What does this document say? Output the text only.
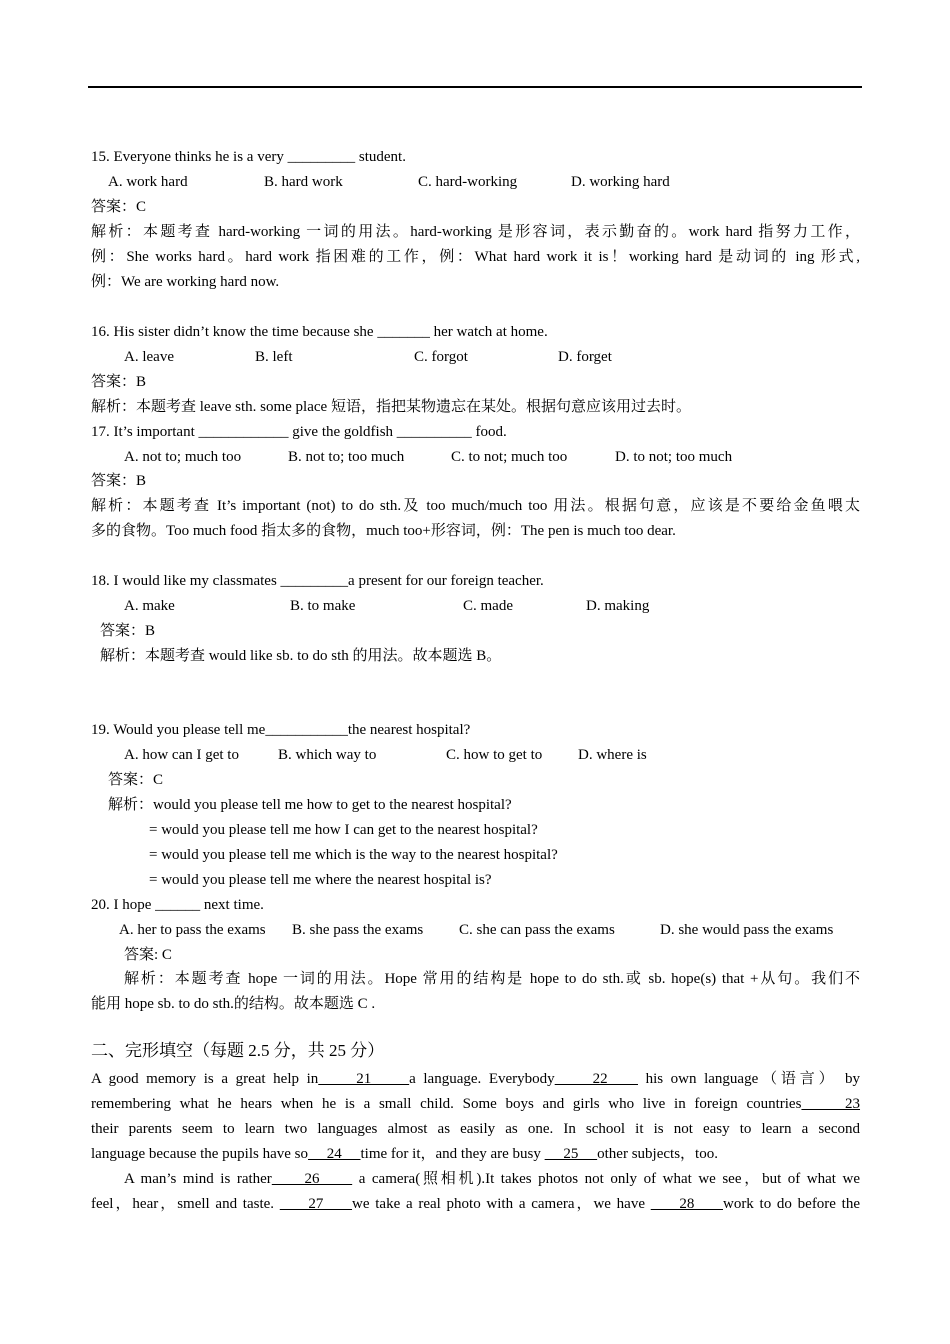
15. Everyone thinks he is a very _________ student.
A. work hard	B. hard work	C. hard-working	D. working hard
答案：C
解析：本题考查 hard-working 一词的用法。hard-working 是形容词，表示勤奋的。work hard 指努力工作，
例：She works hard。hard work 指困难的工作，例：What hard work it is！working hard 是动词的 ing 形式,
例：We are working hard now.
16. His sister didn’t know the time because she _______ her watch at home.
A. leave	B. left	C. forgot	D. forget
答案：B
解析：本题考查 leave sth. some place 短语，指把某物遗忘在某处。根据句意应该用过去时。
17. It’s important ____________ give the goldfish __________ food.
A. not to; much too	B. not to; too much	C. to not; much too	D. to not; too much
答案：B
解析：本题考查 It’s important (not) to do sth.及 too much/much too 用法。根据句意，应该是不要给金鱼喂太
多的食物。Too much food 指太多的食物，much too+形容词，例：The pen is much too dear.
18. I would like my classmates _________a present for our foreign teacher.
A. make	B. to make	C. made	D. making
答案：B
解析：本题考查 would like sb. to do sth 的用法。故本题选 B。
19. Would you please tell me___________the nearest hospital?
A. how can I get to	B. which way to	C. how to get to D. where is
答案：C
解析：would you please tell me how to get to the nearest hospital?
= would you please tell me how I can get to the nearest hospital?
= would you please tell me which is the way to the nearest hospital?
= would you please tell me where the nearest hospital is?
20. I hope ______ next time.
A. her to pass the exams B. she pass the exams C. she can pass the exams	D. she would pass the exams
答案: C
解析：本题考查 hope 一词的用法。Hope 常用的结构是 hope to do sth.或 sb. hope(s) that +从句。我们不
能用 hope sb. to do sth.的结构。故本题选 C .
二、完形填空（每题 2.5 分，共 25 分）
A good memory is a great help in     21     a language. Everybody     22     his own language（语言） by
remembering what he hears when he is a small child. Some boys and girls who live in foreign countries     23
their parents seem to learn two languages almost as easily as one. In school it is not easy to learn a second
language because the pupils have so     24     time for it，and they are busy      25     other subjects，too.
A man’s mind is rather     26      a camera(照相机).It takes photos not only of what we see，but of what we
feel，hear，smell and taste.      27     we take a real photo with a camera，we have      28     work to do before the
